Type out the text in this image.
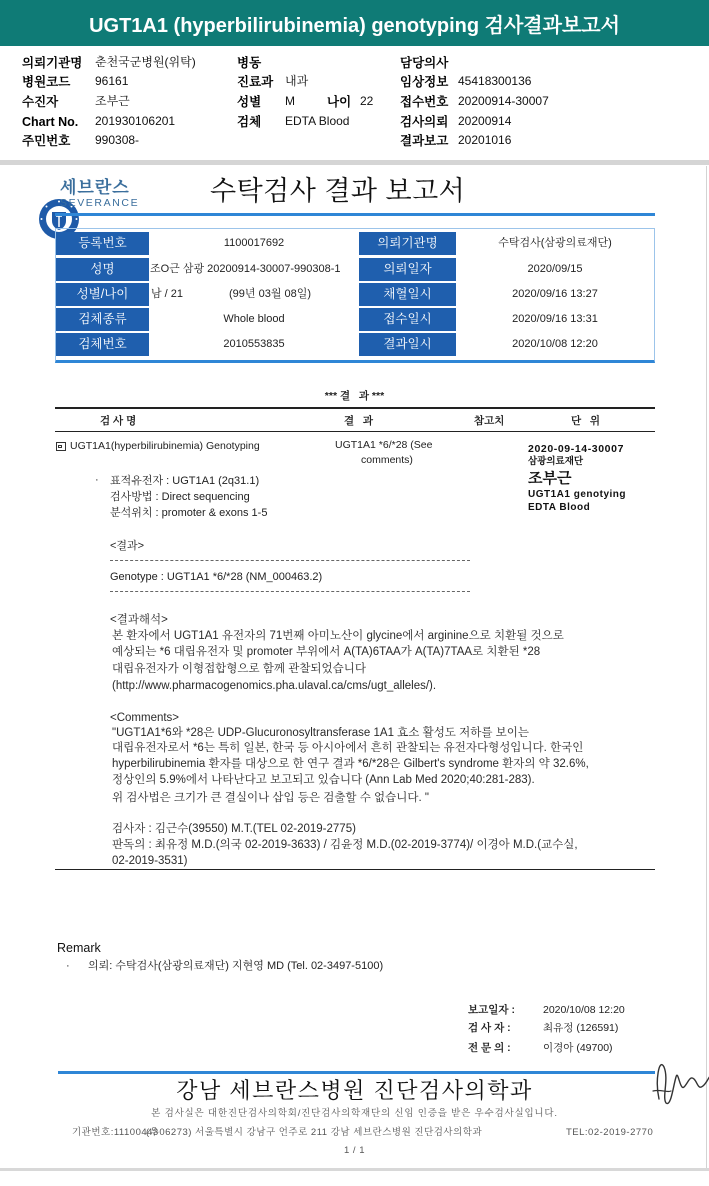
UGT1A1 (hyperbilirubinemia) genotyping 검사결과보고서
의뢰기관명 춘천국군병원(위탁)	병동	담당의사
병원코드 96161	진료과 내과	임상정보 45418300136
수진자	조부근	성별 M	나이 22 접수번호 20200914-30007
Chart No. 201930106201	검체 EDTA Blood	검사의뢰 20200914
주민번호 990308-	결과보고 20201016

세브란스
SEVERANCE	수탁검사 결과 보고서
등록번호	1100017692	의뢰기관명	수탁검사(삼광의료재단)
성명	조O근 삼광 20200914-30007-990308-1	의뢰일자	2020/09/15
성별/나이	남 / 21	(99년 03월 08일)	채혈일시	2020/09/16 13:27
검체종류	Whole blood	접수일시	2020/09/16 13:31
검체번호	2010553835	결과일시	2020/10/08 12:20
*** 결   과 ***
검 사 명	결   과	참고치	단   위
UGT1A1(hyperbilirubinemia) Genotyping	UGT1A1 *6/*28 (See
comments)
2020-09-14-30007
삼광의료재단
조부근
UGT1A1 genotying
EDTA Blood
· 표적유전자 : UGT1A1 (2q31.1)
검사방법 : Direct sequencing
분석위치 : promoter & exons 1-5
<결과>
Genotype : UGT1A1 *6/*28 (NM_000463.2)
<결과해석>
본 환자에서 UGT1A1 유전자의 71번째 아미노산이 glycine에서 arginine으로 치환될 것으로
예상되는 *6 대립유전자 및 promoter 부위에서 A(TA)6TAA가 A(TA)7TAA로 치환된 *28
대립유전자가 이형접합형으로 함께 관찰되었습니다
(http://www.pharmacogenomics.pha.ulaval.ca/cms/ugt_alleles/).
<Comments>
"UGT1A1*6와 *28은 UDP-Glucuronosyltransferase 1A1 효소 활성도 저하를 보이는
대립유전자로서 *6는 특히 일본, 한국 등 아시아에서 흔히 관찰되는 유전자다형성입니다. 한국인
hyperbilirubinemia 환자를 대상으로 한 연구 결과 *6/*28은 Gilbert's syndrome 환자의 약 32.6%,
정상인의 5.9%에서 나타난다고 보고되고 있습니다 (Ann Lab Med 2020;40:281-283).
위 검사법은 크기가 큰 결실이나 삽입 등은 검출할 수 없습니다. "
검사자 : 김근수(39550) M.T.(TEL 02-2019-2775)
판독의 : 최유정 M.D.(의국 02-2019-3633) / 김윤정 M.D.(02-2019-3774)/ 이경아 M.D.(교수실,
02-2019-3531)
Remark
· 의뢰: 수탁검사(삼광의료재단) 지현영 MD (Tel. 02-3497-5100)
보고일자 :	2020/10/08 12:20
검 사 자 :	최유정 (126591)
전 문 의 :	이경아 (49700)

강남 세브란스병원 진단검사의학과
본 검사실은 대한진단검사의학회/진단검사의학재단의 신임 인증을 받은 우수검사실입니다.
기관번호:11100443
(우06273) 서울특별시 강남구 언주로 211 강남 세브란스병원 진단검사의학과	TEL:02-2019-2770
1 / 1
